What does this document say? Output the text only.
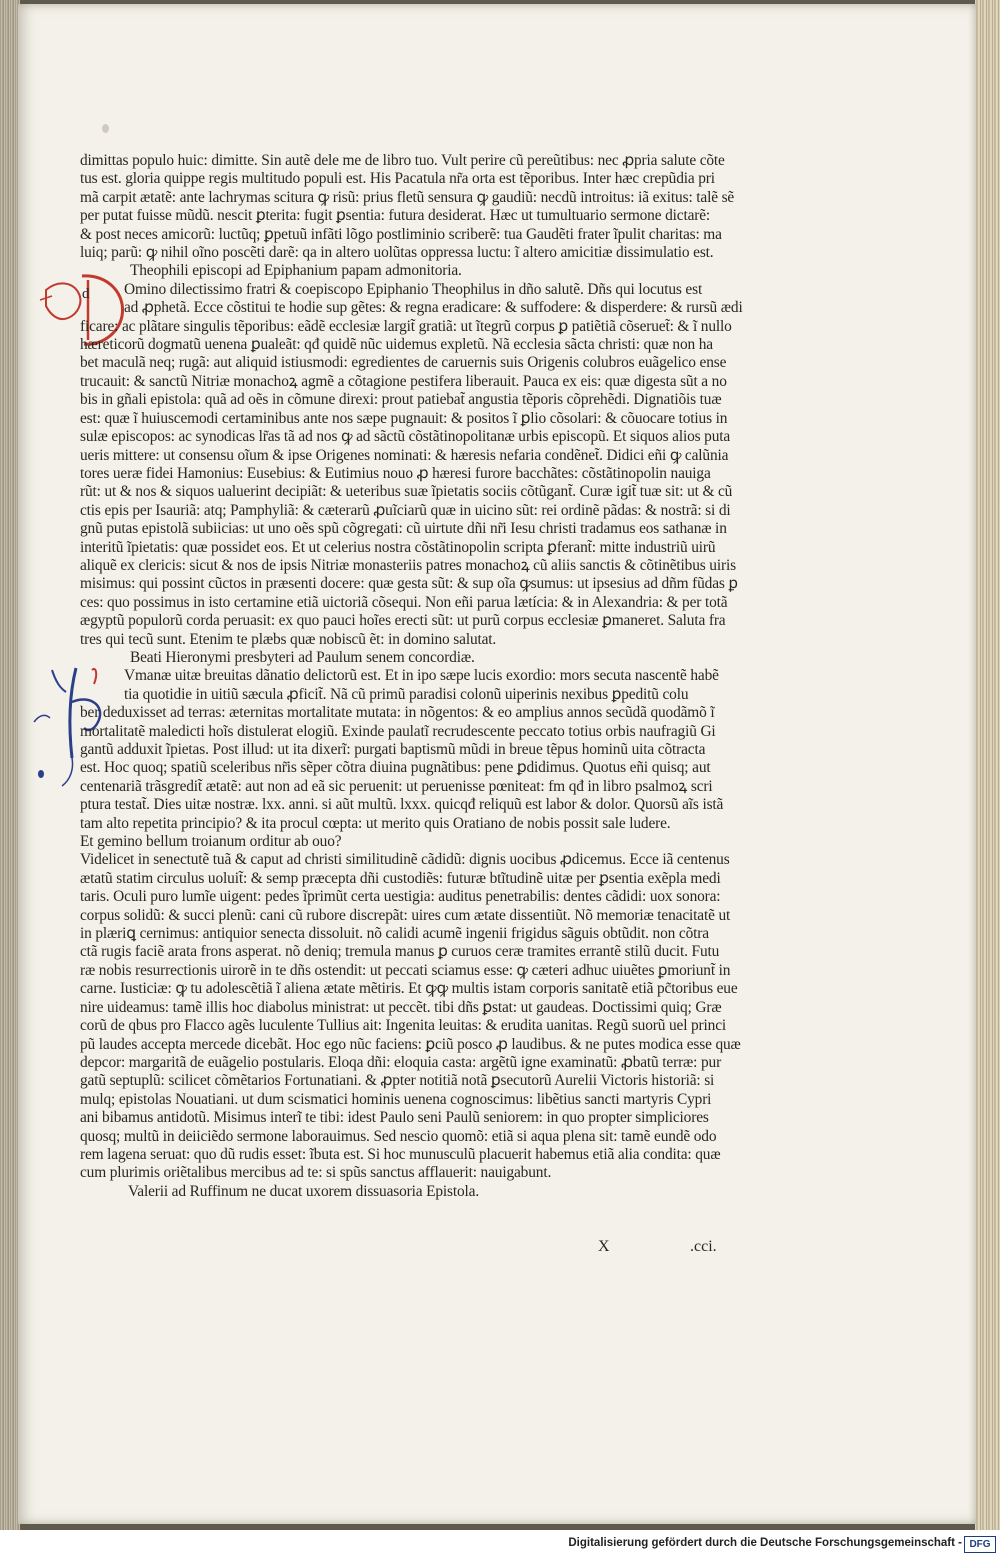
d
dimittas populo huic: dimitte. Sin autẽ dele me de libro tuo. Vult perire cũ pereũtibus: nec ꝓpria salute cõte
tus est. gloria quippe regis multitudo populi est. His Pacatula nr̃a orta est tẽporibus. Inter hæc crepũdia pri
mã carpit ætatẽ: ante lachrymas scitura ꝙ risũ: prius fletũ sensura ꝙ gaudiũ: necdũ introitus: iã exitus: talẽ sẽ
per putat fuisse mũdũ. nescit ꝑterita: fugit ꝑsentia: futura desiderat. Hæc ut tumultuario sermone dictarẽ:
& post neces amicorũ: luctũq; ꝑpetuũ infãti lõgo postliminio scriberẽ: tua Gaudẽti frater ĩpulit charitas: ma
luiq; parũ: ꝙ nihil oĩno poscẽti darẽ: qa in altero uolũtas oppressa luctu: ĩ altero amicitiæ dissimulatio est.
Theophili episcopi ad Epiphanium papam admonitoria.
Omino dilectissimo fratri & coepiscopo Epiphanio Theophilus in dño salutẽ. Dñs qui locutus est
ad ꝓphetã. Ecce cõstitui te hodie sup gẽtes: & regna eradicare: & suffodere: & disperdere: & rursũ ædi
ficare: ac plãtare singulis tẽporibus: eãdẽ ecclesiæ largit̃ gratiã: ut ĩtegrũ corpus ꝑ patiẽtiã cõseruet̃: & ĩ nullo
hæreticorũ dogmatũ uenena ꝑualeãt: qđ quidẽ nũc uidemus expletũ. Nã ecclesia sãcta christi: quæ non ha
bet maculã neq; rugã: aut aliquid istiusmodi: egredientes de caruernis suis Origenis colubros euãgelico ense
trucauit: & sanctũ Nitriæ monachoꝝ agmẽ a cõtagione pestifera liberauit. Pauca ex eis: quæ digesta sũt a no
bis in gñali epistola: quã ad oẽs in cõmune direxi: prout patiebat̃ angustia tẽporis cõprehẽdi. Dignatiõis tuæ
est: quæ ĩ huiuscemodi certaminibus ante nos sæpe pugnauit: & positos ĩ ꝑlio cõsolari: & cõuocare totius in
sulæ episcopos: ac synodicas lr̃as tã ad nos ꝙ ad sãctũ cõstãtinopolitanæ urbis episcopũ. Et siquos alios puta
ueris mittere: ut consensu oĩum & ipse Origenes nominati: & hæresis nefaria condẽnet̃. Didici eñi ꝙ calũnia
tores ueræ fidei Hamonius: Eusebius: & Eutimius nouo ꝓ hæresi furore bacchãtes: cõstãtinopolin nauiga
rũt: ut & nos & siquos ualuerint decipiãt: & ueteribus suæ ĩpietatis sociis cõtũgant̃. Curæ igit̃ tuæ sit: ut & cũ
ctis epis per Isauriã: atq; Pamphyliã: & cæterarũ ꝓuĩciarũ quæ in uicino sũt: rei ordinẽ pãdas: & nostrã: si di
gnũ putas epistolã subiicias: ut uno oẽs spũ cõgregati: cũ uirtute dñi nr̃i Iesu christi tradamus eos sathanæ in
interitũ ĩpietatis: quæ possidet eos. Et ut celerius nostra cõstãtinopolin scripta ꝑferant̃: mitte industriũ uirũ
aliquẽ ex clericis: sicut & nos de ipsis Nitriæ monasteriis patres monachoꝝ cũ aliis sanctis & cõtinẽtibus uiris
misimus: qui possint cũctos in præsenti docere: quæ gesta sũt: & sup oĩa ꝙsumus: ut ipsesius ad dñm fũdas ꝑ
ces: quo possimus in isto certamine etiã uictoriã cõsequi. Non eñi parua lætícia: & in Alexandria: & per totã
ægyptũ populorũ corda peruasit: ex quo pauci hoĩes erecti sũt: ut purũ corpus ecclesiæ ꝑmaneret. Saluta fra
tres qui tecũ sunt. Etenim te plæbs quæ nobiscũ ẽt: in domino salutat.
Beati Hieronymi presbyteri ad Paulum senem concordiæ.
Vmanæ uitæ breuitas dãnatio delictorũ est. Et in ipo sæpe lucis exordio: mors secuta nascentẽ habẽ
tia quotidie in uitiũ sæcula ꝓficit̃. Nã cũ primũ paradisi colonũ uiperinis nexibus ꝑpeditũ colu
ber deduxisset ad terras: æternitas mortalitate mutata: in nõgentos: & eo amplius annos secũdã quodãmõ ĩ
mortalitatẽ maledicti hoĩs distulerat elogiũ. Exinde paulatĩ recrudescente peccato totius orbis naufragiũ Gi
gantũ adduxit ĩpietas. Post illud: ut ita dixerĩ: purgati baptismũ mũdi in breue tẽpus hominũ uita cõtracta
est. Hoc quoq; spatiũ sceleribus nr̃is sẽper cõtra diuina pugnãtibus: pene ꝑdidimus. Quotus eñi quisq; aut
centenariã trãsgredit̃ ætatẽ: aut non ad eã sic peruenit: ut peruenisse pœniteat: fm qđ in libro psalmoꝝ scri
ptura testat̃. Dies uitæ nostræ. lxx. anni. si aũt multũ. lxxx. quicqđ reliquũ est labor & dolor. Quorsũ aĩs istã
tam alto repetita principio? & ita procul cœpta: ut merito quis Oratiano de nobis possit sale ludere.
Et gemino bellum troianum orditur ab ouo?
Videlicet in senectutẽ tuã & caput ad christi similitudinẽ cãdidũ: dignis uocibus ꝓdicemus. Ecce iã centenus
ætatũ statim circulus uoluit̃: & semp præcepta dñi custodiẽs: futuræ btĩtudinẽ uitæ per ꝑsentia exẽpla medi
taris. Oculi puro lumĩe uigent: pedes ĩprimũt certa uestigia: auditus penetrabilis: dentes cãdidi: uox sonora:
corpus solidũ: & succi plenũ: cani cũ rubore discrepãt: uires cum ætate dissentiũt. Nõ memoriæ tenacitatẽ ut
in plæriꝗ cernimus: antiquior senecta dissoluit. nõ calidi acumẽ ingenii frigidus sãguis obtũdit. non cõtra
ctã rugis faciẽ arata frons asperat. nõ deniq; tremula manus ꝑ curuos ceræ tramites errantẽ stilũ ducit. Futu
ræ nobis resurrectionis uirorẽ in te dñs ostendit: ut peccati sciamus esse: ꝙ cæteri adhuc uiuẽtes ꝑmoriunt̃ in
carne. Iusticiæ: ꝙ tu adolescẽtiã ĩ aliena ætate mẽtiris. Et ꝙꝙ multis istam corporis sanitatẽ etiã pc̃toribus eue
nire uideamus: tamẽ illis hoc diabolus ministrat: ut peccẽt. tibi dñs ꝑstat: ut gaudeas. Doctissimi quiq; Græ
corũ de qbus pro Flacco agẽs luculente Tullius ait: Ingenita leuitas: & erudita uanitas. Regũ suorũ uel princi
pũ laudes accepta mercede dicebãt. Hoc ego nũc faciens: ꝑciũ posco ꝓ laudibus. & ne putes modica esse quæ
depcor: margaritã de euãgelio postularis. Eloqa dñi: eloquia casta: argẽtũ igne examinatũ: ꝓbatũ terræ: pur
gatũ septuplũ: scilicet cõmẽtarios Fortunatiani. & ꝓpter notitiã notã ꝑsecutorũ Aurelii Victoris historiã: si
mulq; epistolas Nouatiani. ut dum scismatici hominis uenena cognoscimus: libẽtius sancti martyris Cypri
ani bibamus antidotũ. Misimus interĩ te tibi: idest Paulo seni Paulũ seniorem: in quo propter simpliciores
quosq; multũ in deiiciẽdo sermone laborauimus. Sed nescio quomõ: etiã si aqua plena sit: tamẽ eundẽ odo
rem lagena seruat: quo dũ rudis esset: ĩbuta est. Si hoc munusculũ placuerit habemus etiã alia condita: quæ
cum plurimis oriẽtalibus mercibus ad te: si spũs sanctus afflauerit: nauigabunt.
Valerii ad Ruffinum ne ducat uxorem dissuasoria Epistola.
X	.cci.
Digitalisierung gefördert durch die Deutsche Forschungsgemeinschaft - DFG
